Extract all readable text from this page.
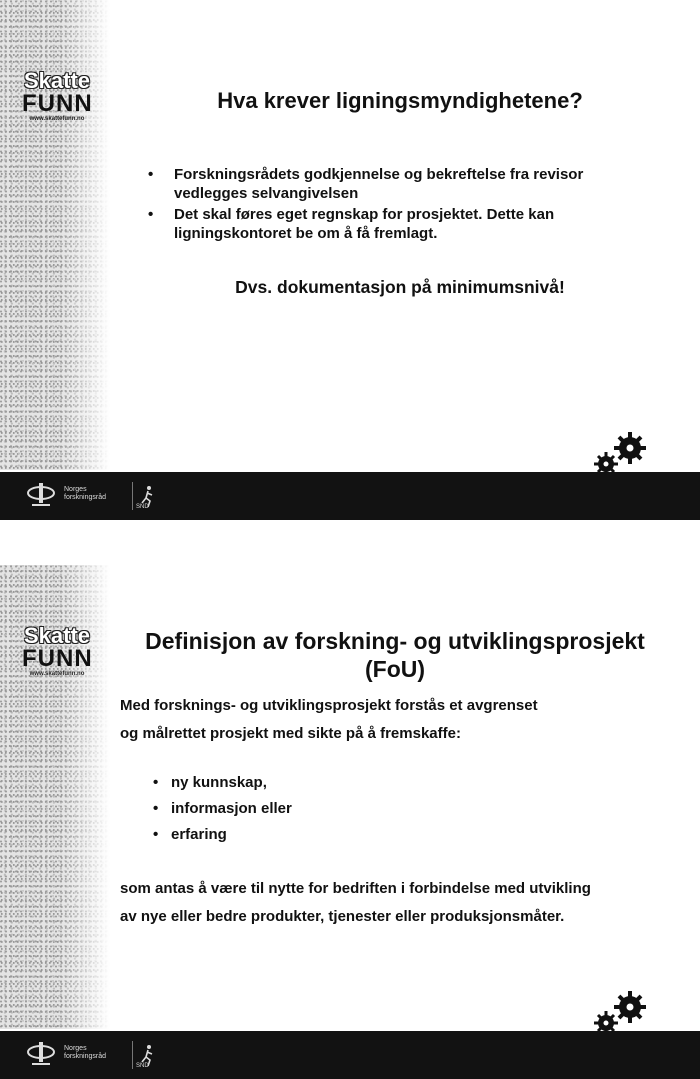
Skatte
FUNN
www.skattefunn.no
Hva krever ligningsmyndighetene?
• Forskningsrådets godkjennelse og bekreftelse fra revisor vedlegges selvangivelsen
• Det skal føres eget regnskap for prosjektet. Dette kan ligningskontoret be om å få fremlagt.
Dvs. dokumentasjon på minimumsnivå!
Norges
forskningsråd
SND
Skatte
FUNN
www.skattefunn.no
Definisjon av forskning- og utviklingsprosjekt
(FoU)
Med forsknings- og utviklingsprosjekt forstås et avgrenset
og målrettet prosjekt med sikte på å fremskaffe:
• ny kunnskap,
• informasjon eller
• erfaring
som antas å være til nytte for bedriften i forbindelse med utvikling
av nye eller bedre produkter, tjenester eller produksjonsmåter.
Norges
forskningsråd
SND
